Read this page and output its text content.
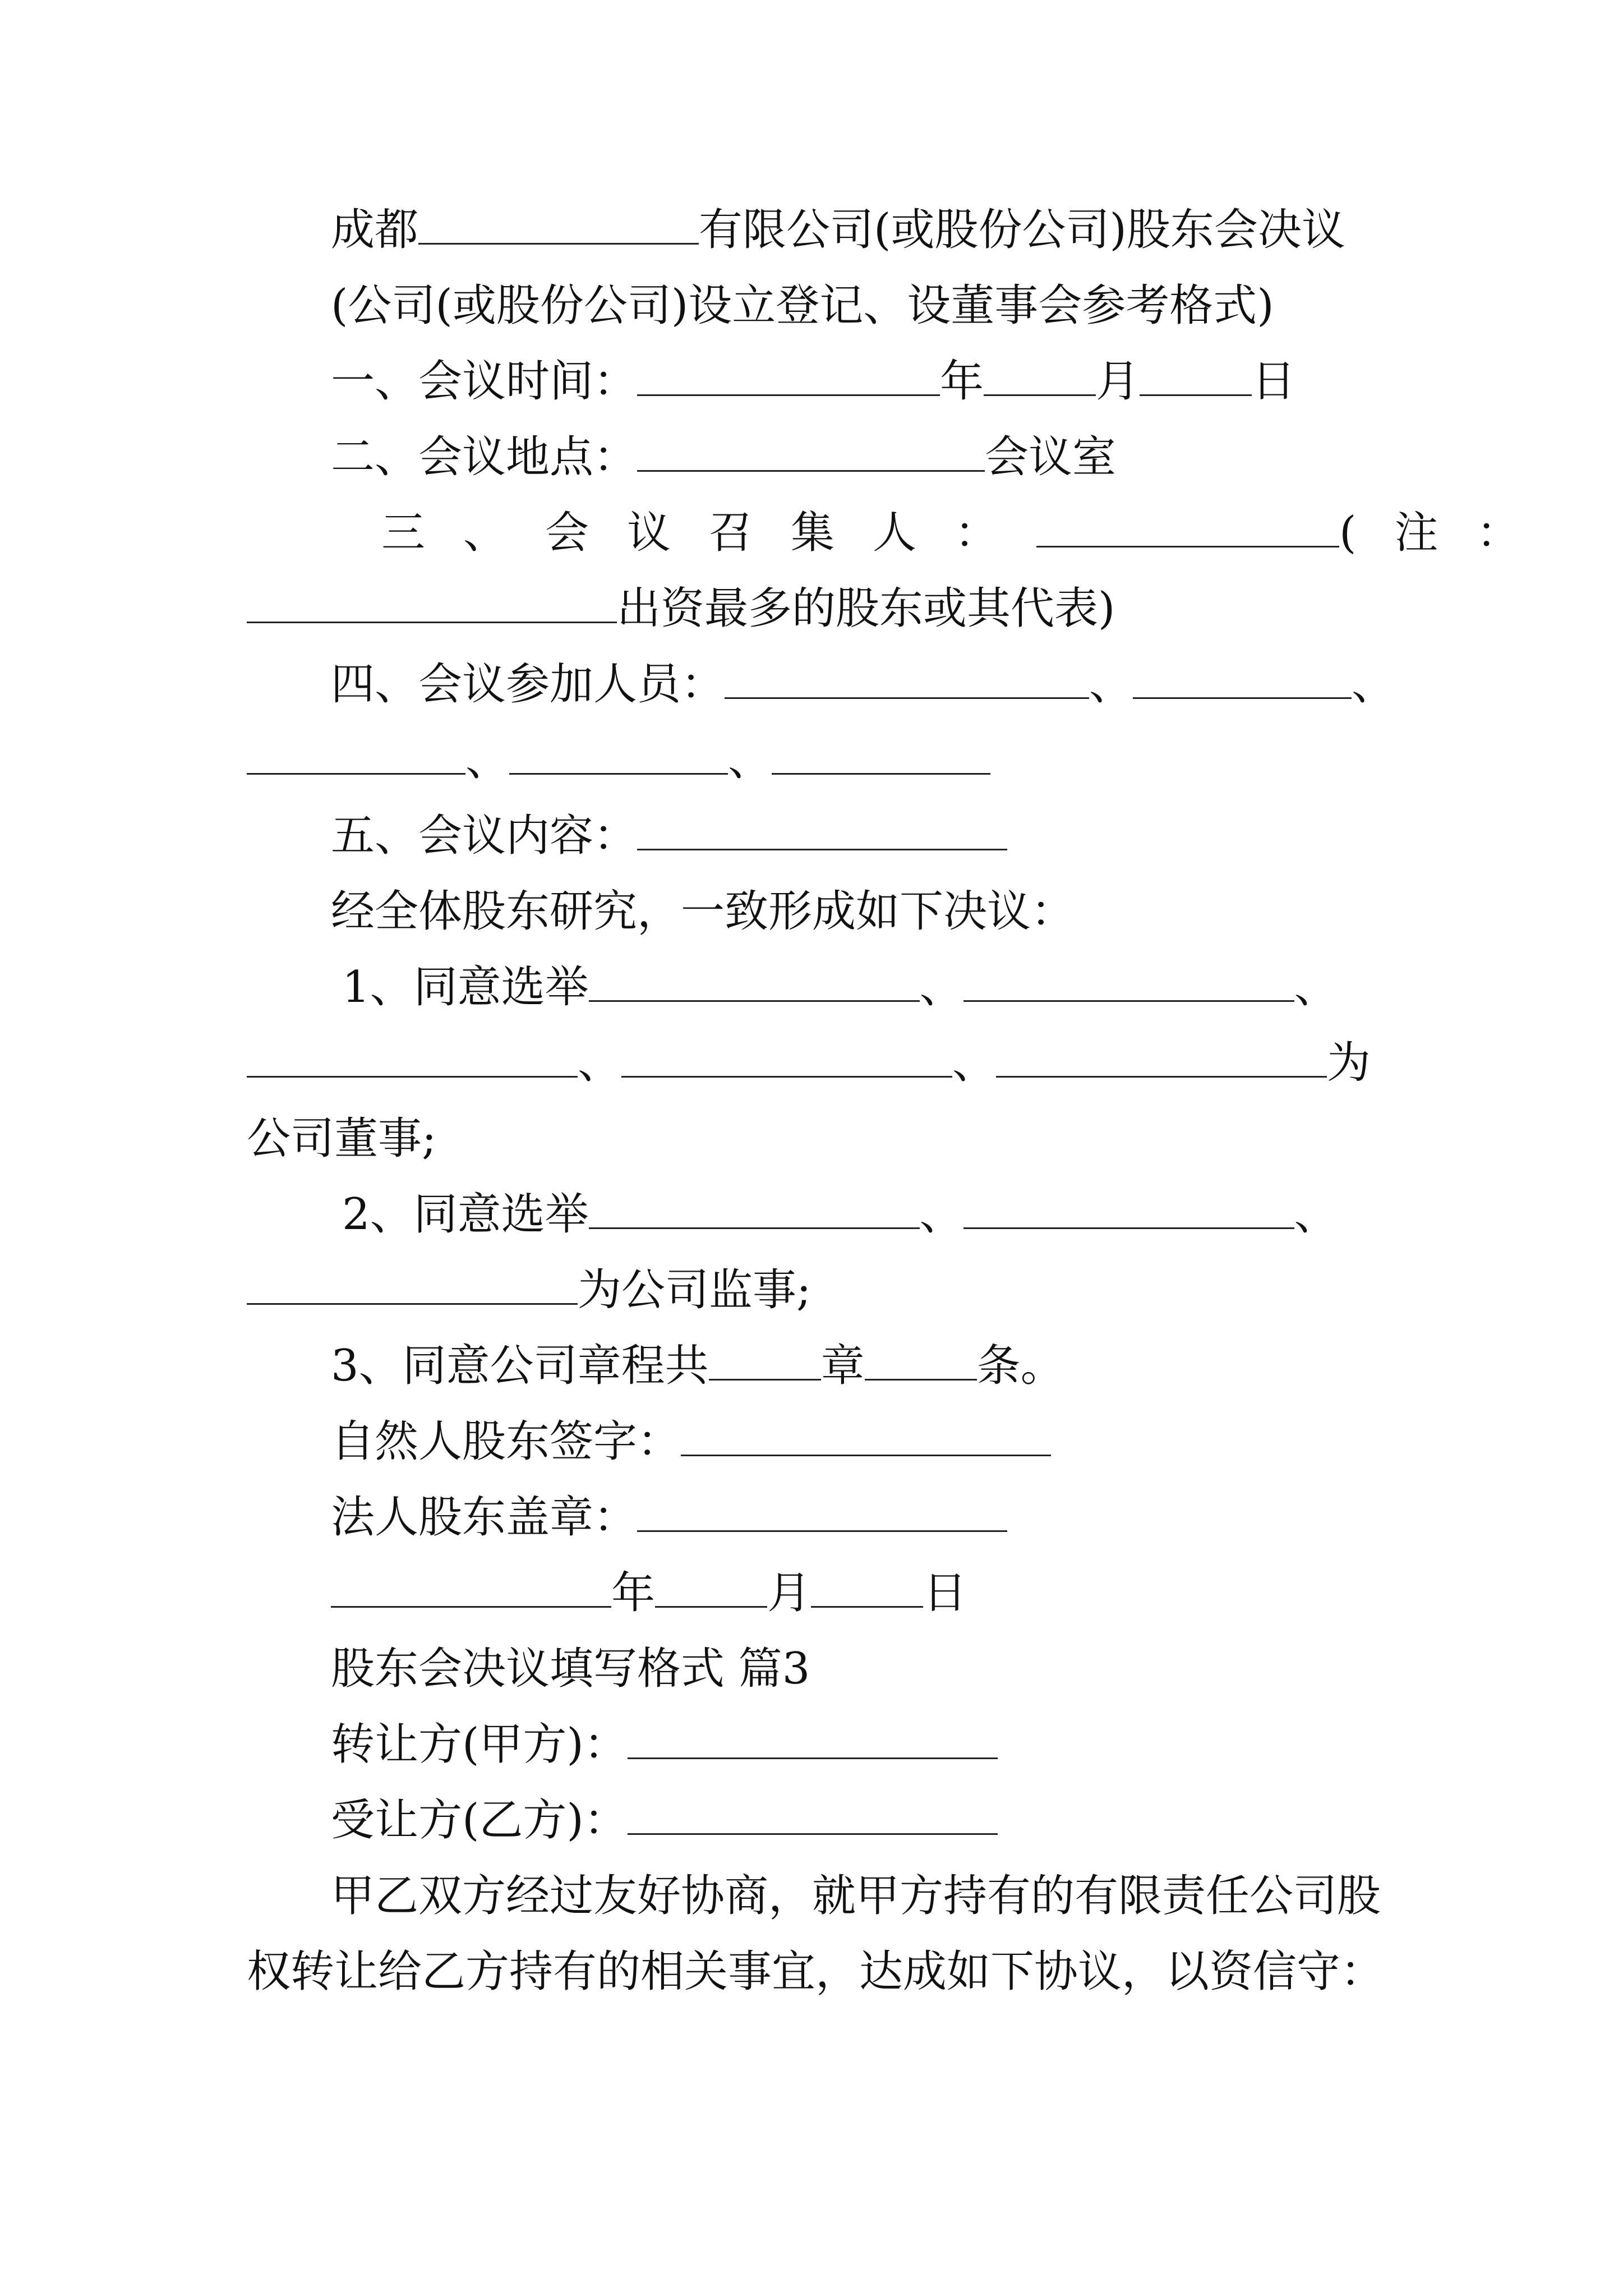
成都	有限公司(或股份公司)股东会决议
(公司(或股份公司)设立登记、设董事会参考格式)
一、会议时间：	年	月	日
二、会议地点：	会议室
三、会议召集人：	(注：
出资最多的股东或其代表)
四、会议参加人员：	、	、
、	、
五、会议内容：
经全体股东研究，一致形成如下决议：
1、同意选举	、	、
、	、	为
公司董事;
2、同意选举	、	、
为公司监事;
3、同意公司章程共	章	条。
自然人股东签字：
法人股东盖章：
年	月	日
股东会决议填写格式 篇3
转让方(甲方)：
受让方(乙方)：
甲乙双方经过友好协商，就甲方持有的有限责任公司股
权转让给乙方持有的相关事宜，达成如下协议，以资信守：
